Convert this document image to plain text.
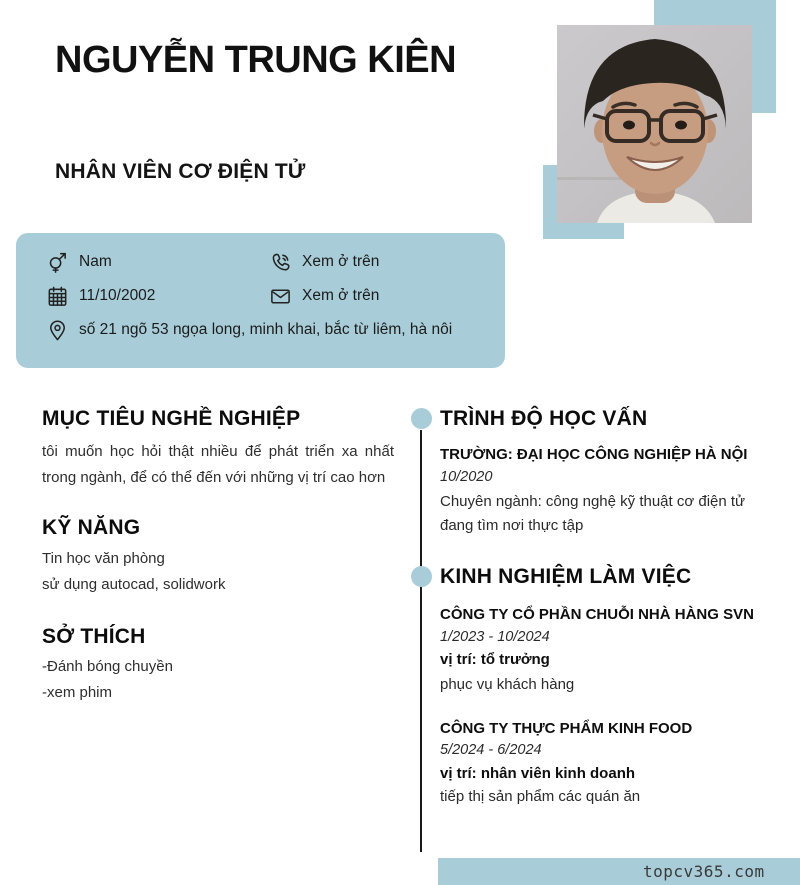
NGUYỄN TRUNG KIÊN
NHÂN VIÊN CƠ ĐIỆN TỬ
Nam	Xem ở trên
11/10/2002	Xem ở trên
số 21 ngõ 53 ngọa long, minh khai, bắc từ liêm, hà nôi
MỤC TIÊU NGHỀ NGHIỆP
tôi muốn học hỏi thật nhiều để phát triển xa nhất trong ngành, để có thể đến với những vị trí cao hơn
KỸ NĂNG
Tin học văn phòng
sử dụng autocad, solidwork
SỞ THÍCH
-Đánh bóng chuyền
-xem phim
TRÌNH ĐỘ HỌC VẤN
TRƯỜNG: ĐẠI HỌC CÔNG NGHIỆP HÀ NỘI
10/2020
Chuyên ngành: công nghệ kỹ thuật cơ điện tử
đang tìm nơi thực tập
KINH NGHIỆM LÀM VIỆC
CÔNG TY CỔ PHẦN CHUỖI NHÀ HÀNG SVN
1/2023 - 10/2024
vị trí: tổ trưởng
phục vụ khách hàng
CÔNG TY THỰC PHẨM KINH FOOD
5/2024 - 6/2024
vị trí: nhân viên kinh doanh
tiếp thị sản phẩm các quán ăn
topcv365.com
